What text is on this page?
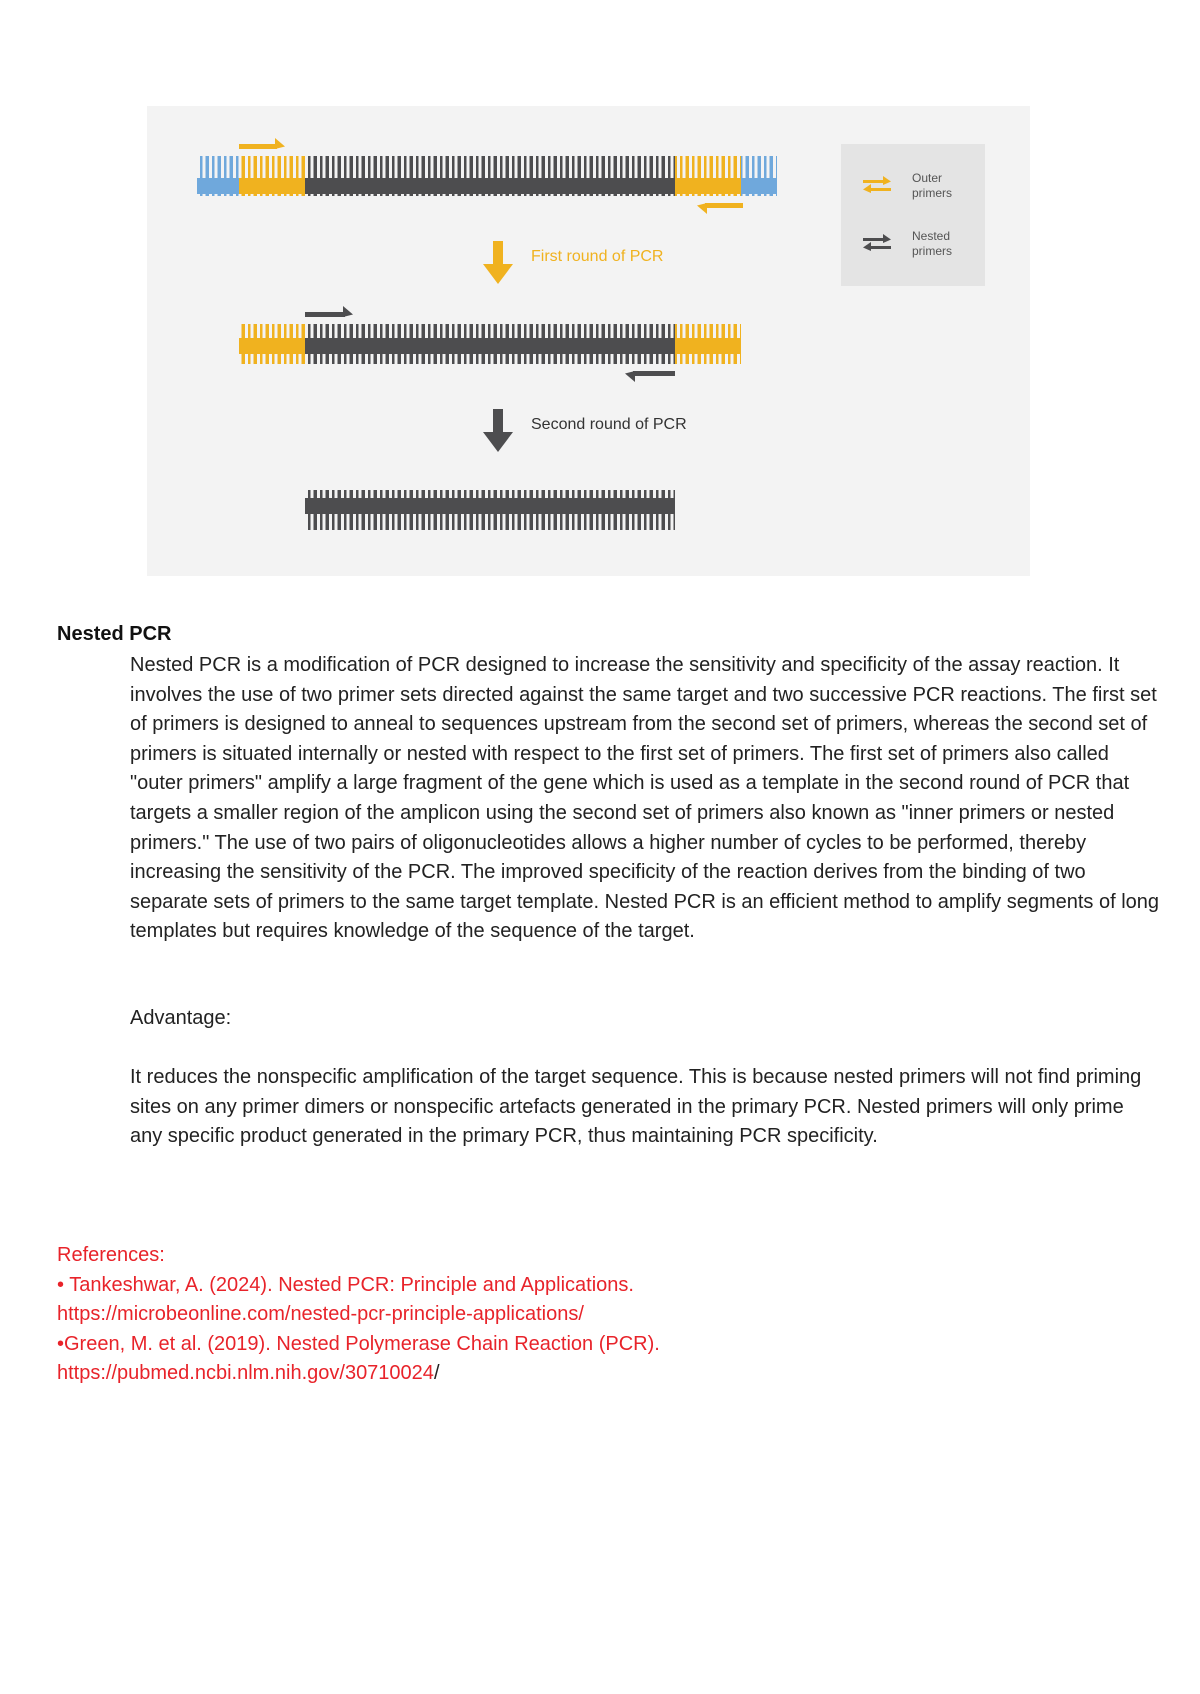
First round of PCR
Second round of PCR
Outer
primers
Nested
primers
Nested PCR

Nested PCR is a modification of PCR designed to increase the sensitivity and specificity of the assay reaction. It involves the use of two primer sets directed against the same target and two successive PCR reactions. The first set of primers is designed to anneal to sequences upstream from the second set of primers, whereas the second set of primers is situated internally or nested with respect to the first set of primers. The first set of primers also called "outer primers" amplify a large fragment of the gene which is used as a template in the second round of PCR that targets a smaller region of the amplicon using the second set of primers also known as "inner primers or nested primers." The use of two pairs of oligonucleotides allows a higher number of cycles to be performed, thereby increasing the sensitivity of the PCR. The improved specificity of the reaction derives from the binding of two separate sets of primers to the same target template. Nested PCR is an efficient method to amplify segments of long templates but requires knowledge of the sequence of the target.

Advantage:

It reduces the nonspecific amplification of the target sequence. This is because nested primers will not find priming sites on any primer dimers or nonspecific artefacts generated in the primary PCR. Nested primers will only prime any specific product generated in the primary PCR, thus maintaining PCR specificity.

References:
• Tankeshwar, A. (2024). Nested PCR: Principle and Applications.
https://microbeonline.com/nested-pcr-principle-applications/
•Green, M. et al. (2019). Nested Polymerase Chain Reaction (PCR).
https://pubmed.ncbi.nlm.nih.gov/30710024/
